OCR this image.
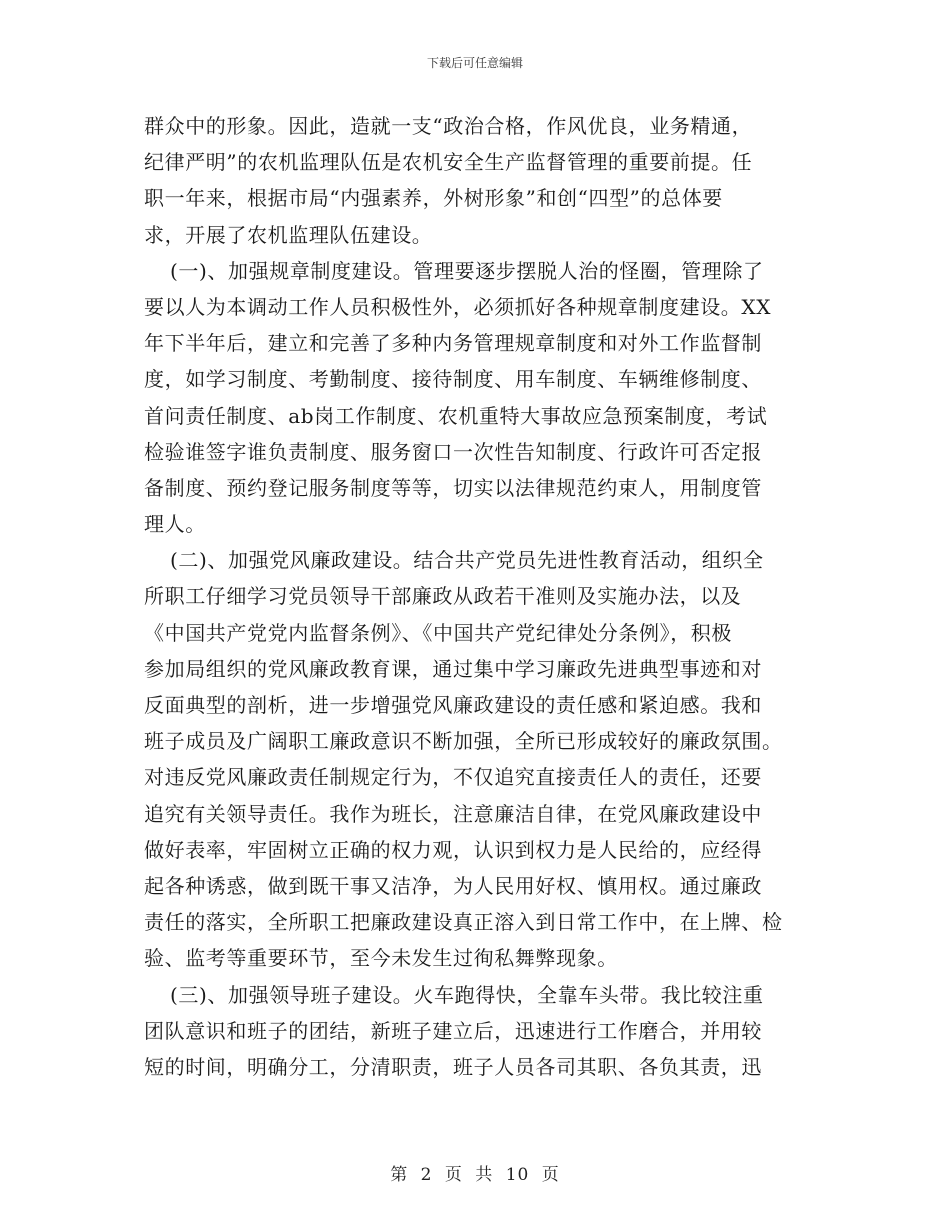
下载后可任意编辑
群众中的形象。因此，造就一支“政治合格，作风优良，业务精通，
纪律严明”的农机监理队伍是农机安全生产监督管理的重要前提。任
职一年来，根据市局“内强素养，外树形象”和创“四型”的总体要
求，开展了农机监理队伍建设。
(一)、加强规章制度建设。管理要逐步摆脱人治的怪圈，管理除了
要以人为本调动工作人员积极性外，必须抓好各种规章制度建设。XX
年下半年后，建立和完善了多种内务管理规章制度和对外工作监督制
度，如学习制度、考勤制度、接待制度、用车制度、车辆维修制度、
首问责任制度、ab岗工作制度、农机重特大事故应急预案制度，考试
检验谁签字谁负责制度、服务窗口一次性告知制度、行政许可否定报
备制度、预约登记服务制度等等，切实以法律规范约束人，用制度管
理人。
(二)、加强党风廉政建设。结合共产党员先进性教育活动，组织全
所职工仔细学习党员领导干部廉政从政若干准则及实施办法，以及
《中国共产党党内监督条例》、《中国共产党纪律处分条例》，积极
参加局组织的党风廉政教育课，通过集中学习廉政先进典型事迹和对
反面典型的剖析，进一步增强党风廉政建设的责任感和紧迫感。我和
班子成员及广阔职工廉政意识不断加强，全所已形成较好的廉政氛围。
对违反党风廉政责任制规定行为，不仅追究直接责任人的责任，还要
追究有关领导责任。我作为班长，注意廉洁自律，在党风廉政建设中
做好表率，牢固树立正确的权力观，认识到权力是人民给的，应经得
起各种诱惑，做到既干事又洁净，为人民用好权、慎用权。通过廉政
责任的落实，全所职工把廉政建设真正溶入到日常工作中，在上牌、检
验、监考等重要环节，至今未发生过徇私舞弊现象。
(三)、加强领导班子建设。火车跑得快，全靠车头带。我比较注重
团队意识和班子的团结，新班子建立后，迅速进行工作磨合，并用较
短的时间，明确分工，分清职责，班子人员各司其职、各负其责，迅
第 2 页 共 10 页
